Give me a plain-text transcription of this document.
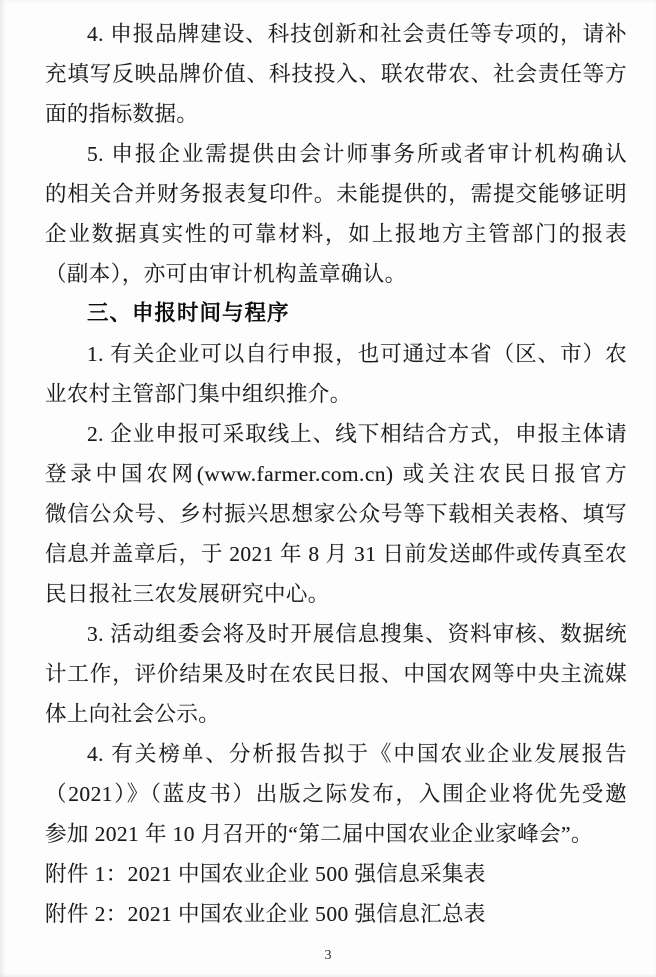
4. 申报品牌建设、科技创新和社会责任等专项的，请补
充填写反映品牌价值、科技投入、联农带农、社会责任等方
面的指标数据。
5. 申报企业需提供由会计师事务所或者审计机构确认
的相关合并财务报表复印件。未能提供的，需提交能够证明
企业数据真实性的可靠材料，如上报地方主管部门的报表
（副本），亦可由审计机构盖章确认。
三、申报时间与程序
1. 有关企业可以自行申报，也可通过本省（区、市）农
业农村主管部门集中组织推介。
2. 企业申报可采取线上、线下相结合方式，申报主体请
登录中国农网(www.farmer.com.cn) 或关注农民日报官方
微信公众号、乡村振兴思想家公众号等下载相关表格、填写
信息并盖章后，于 2021 年 8 月 31 日前发送邮件或传真至农
民日报社三农发展研究中心。
3. 活动组委会将及时开展信息搜集、资料审核、数据统
计工作，评价结果及时在农民日报、中国农网等中央主流媒
体上向社会公示。
4. 有关榜单、分析报告拟于《中国农业企业发展报告
（2021）》（蓝皮书）出版之际发布，入围企业将优先受邀
参加 2021 年 10 月召开的“第二届中国农业企业家峰会”。
附件 1：2021 中国农业企业 500 强信息采集表
附件 2：2021 中国农业企业 500 强信息汇总表
3
